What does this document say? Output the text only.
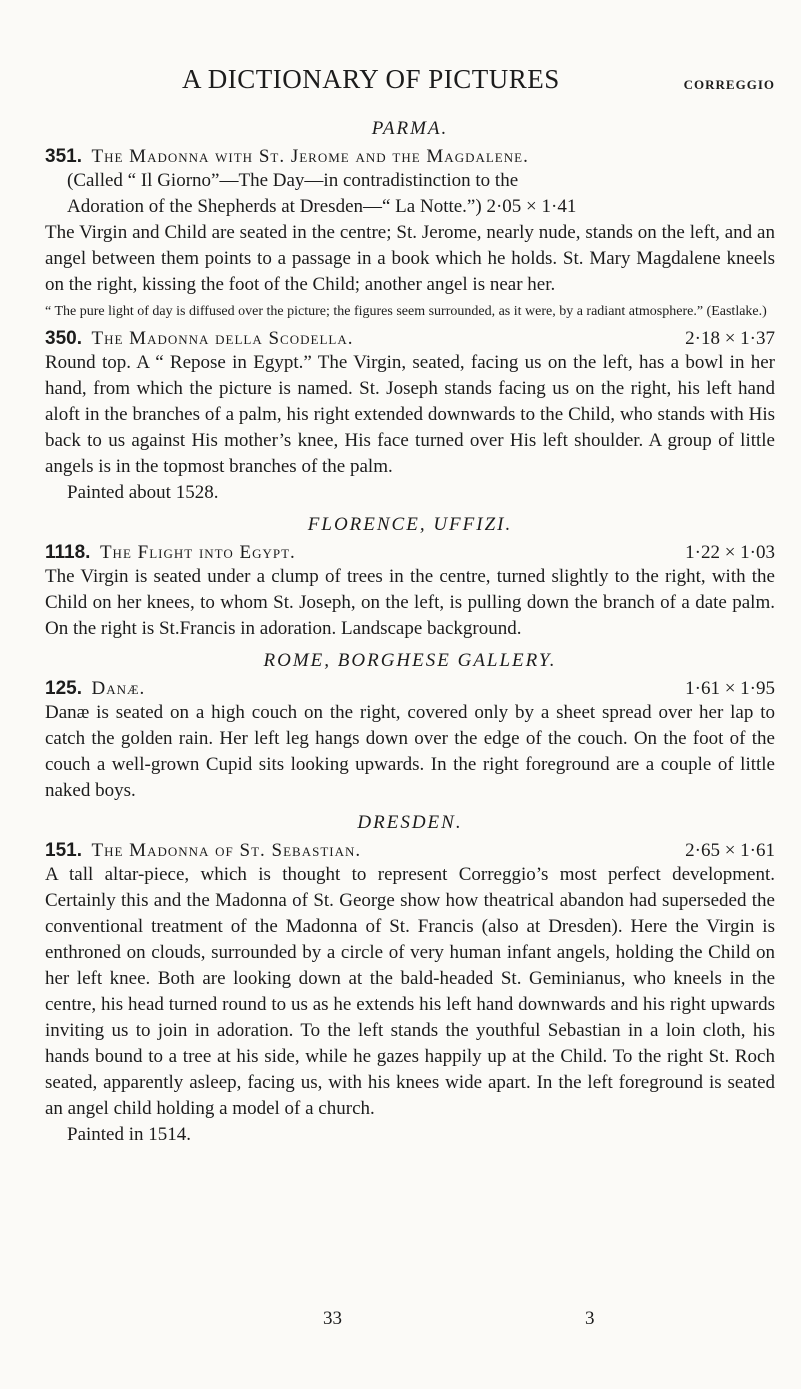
A DICTIONARY OF PICTURES	CORREGGIO
PARMA.
351. The Madonna with St. Jerome and the Magdalene.

(Called “ Il Giorno”—The Day—in contradistinction to the

Adoration of the Shepherds at Dresden—“ La Notte.”) 2·05 × 1·41

The Virgin and Child are seated in the centre; St. Jerome, nearly nude, stands on the left, and an angel between them points to a passage in a book which he holds. St. Mary Magdalene kneels on the right, kissing the foot of the Child; another angel is near her.

“ The pure light of day is diffused over the picture; the figures seem surrounded, as it were, by a radiant atmosphere.” (Eastlake.)

350. The Madonna della Scodella.	2·18 × 1·37

Round top. A “ Repose in Egypt.” The Virgin, seated, facing us on the left, has a bowl in her hand, from which the picture is named. St. Joseph stands facing us on the right, his left hand aloft in the branches of a palm, his right extended downwards to the Child, who stands with His back to us against His mother’s knee, His face turned over His left shoulder. A group of little angels is in the topmost branches of the palm.

Painted about 1528.

FLORENCE, UFFIZI.
1118. The Flight into Egypt.	1·22 × 1·03

The Virgin is seated under a clump of trees in the centre, turned slightly to the right, with the Child on her knees, to whom St. Joseph, on the left, is pulling down the branch of a date palm. On the right is St.Francis in adoration. Landscape background.

ROME, BORGHESE GALLERY.
125. Danæ.	1·61 × 1·95

Danæ is seated on a high couch on the right, covered only by a sheet spread over her lap to catch the golden rain. Her left leg hangs down over the edge of the couch. On the foot of the couch a well-grown Cupid sits looking upwards. In the right foreground are a couple of little naked boys.

DRESDEN.
151. The Madonna of St. Sebastian.	2·65 × 1·61

A tall altar-piece, which is thought to represent Correggio’s most perfect development. Certainly this and the Madonna of St. George show how theatrical abandon had superseded the conventional treatment of the Madonna of St. Francis (also at Dresden). Here the Virgin is enthroned on clouds, surrounded by a circle of very human infant angels, holding the Child on her left knee. Both are looking down at the bald-headed St. Geminianus, who kneels in the centre, his head turned round to us as he extends his left hand downwards and his right upwards inviting us to join in adoration. To the left stands the youthful Sebastian in a loin cloth, his hands bound to a tree at his side, while he gazes happily up at the Child. To the right St. Roch seated, apparently asleep, facing us, with his knees wide apart. In the left foreground is seated an angel child holding a model of a church.

Painted in 1514.

33	3
